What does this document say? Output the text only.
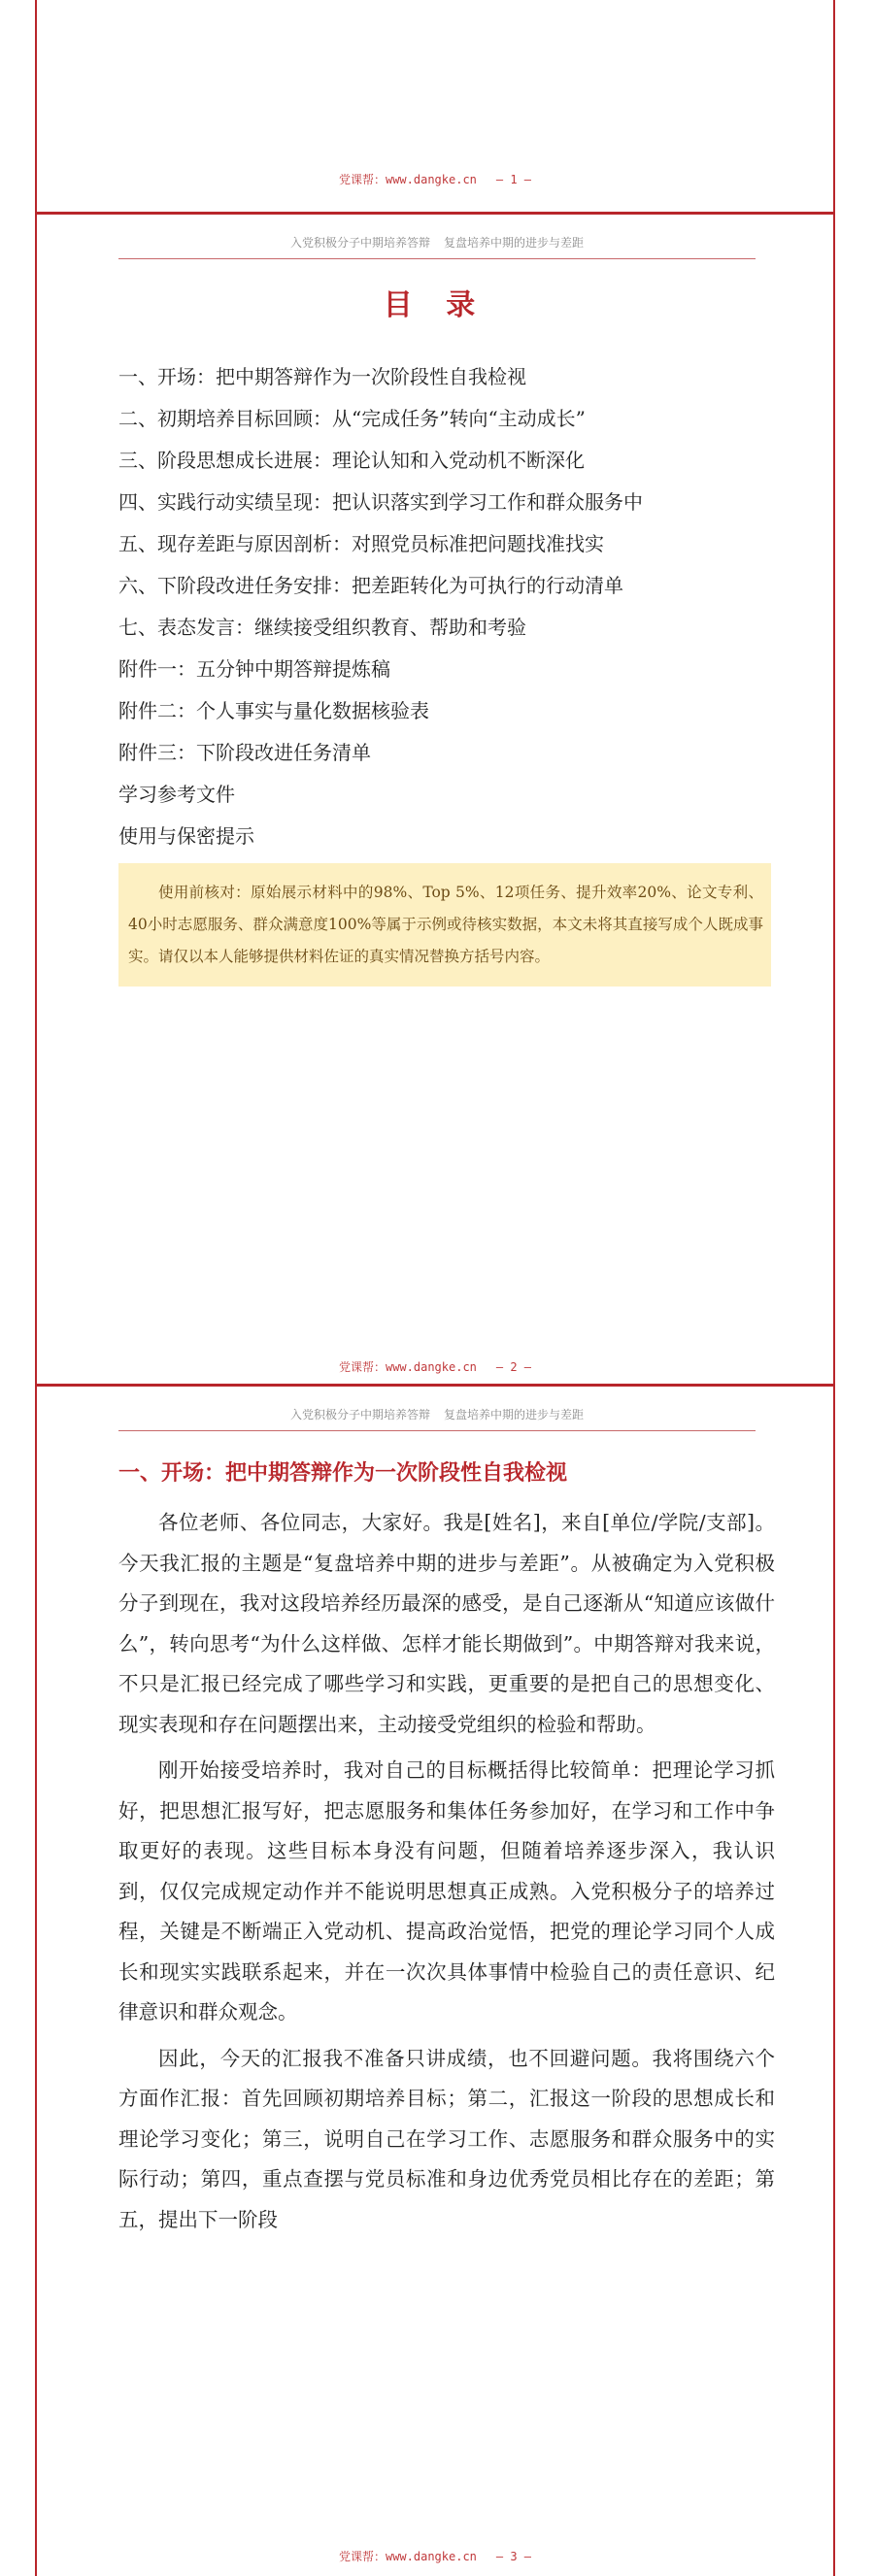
党课帮：www.dangke.cn — 1 —
入党积极分子中期培养答辩 复盘培养中期的进步与差距
目 录
一、开场：把中期答辩作为一次阶段性自我检视
二、初期培养目标回顾：从“完成任务”转向“主动成长”
三、阶段思想成长进展：理论认知和入党动机不断深化
四、实践行动实绩呈现：把认识落实到学习工作和群众服务中
五、现存差距与原因剖析：对照党员标准把问题找准找实
六、下阶段改进任务安排：把差距转化为可执行的行动清单
七、表态发言：继续接受组织教育、帮助和考验
附件一：五分钟中期答辩提炼稿
附件二：个人事实与量化数据核验表
附件三：下阶段改进任务清单
学习参考文件
使用与保密提示
使用前核对：原始展示材料中的98%、Top 5%、12项任务、提升效率20%、论文专利、40小时志愿服务、群众满意度100%等属于示例或待核实数据，本文未将其直接写成个人既成事实。请仅以本人能够提供材料佐证的真实情况替换方括号内容。
党课帮：www.dangke.cn — 2 —
入党积极分子中期培养答辩 复盘培养中期的进步与差距
一、开场：把中期答辩作为一次阶段性自我检视

各位老师、各位同志，大家好。我是[姓名]，来自[单位/学院/支部]。今天我汇报的主题是“复盘培养中期的进步与差距”。从被确定为入党积极分子到现在，我对这段培养经历最深的感受，是自己逐渐从“知道应该做什么”，转向思考“为什么这样做、怎样才能长期做到”。中期答辩对我来说，不只是汇报已经完成了哪些学习和实践，更重要的是把自己的思想变化、现实表现和存在问题摆出来，主动接受党组织的检验和帮助。

刚开始接受培养时，我对自己的目标概括得比较简单：把理论学习抓好，把思想汇报写好，把志愿服务和集体任务参加好，在学习和工作中争取更好的表现。这些目标本身没有问题，但随着培养逐步深入，我认识到，仅仅完成规定动作并不能说明思想真正成熟。入党积极分子的培养过程，关键是不断端正入党动机、提高政治觉悟，把党的理论学习同个人成长和现实实践联系起来，并在一次次具体事情中检验自己的责任意识、纪律意识和群众观念。

因此，今天的汇报我不准备只讲成绩，也不回避问题。我将围绕六个方面作汇报：首先回顾初期培养目标；第二，汇报这一阶段的思想成长和理论学习变化；第三，说明自己在学习工作、志愿服务和群众服务中的实际行动；第四，重点查摆与党员标准和身边优秀党员相比存在的差距；第五，提出下一阶段

党课帮：www.dangke.cn — 3 —
